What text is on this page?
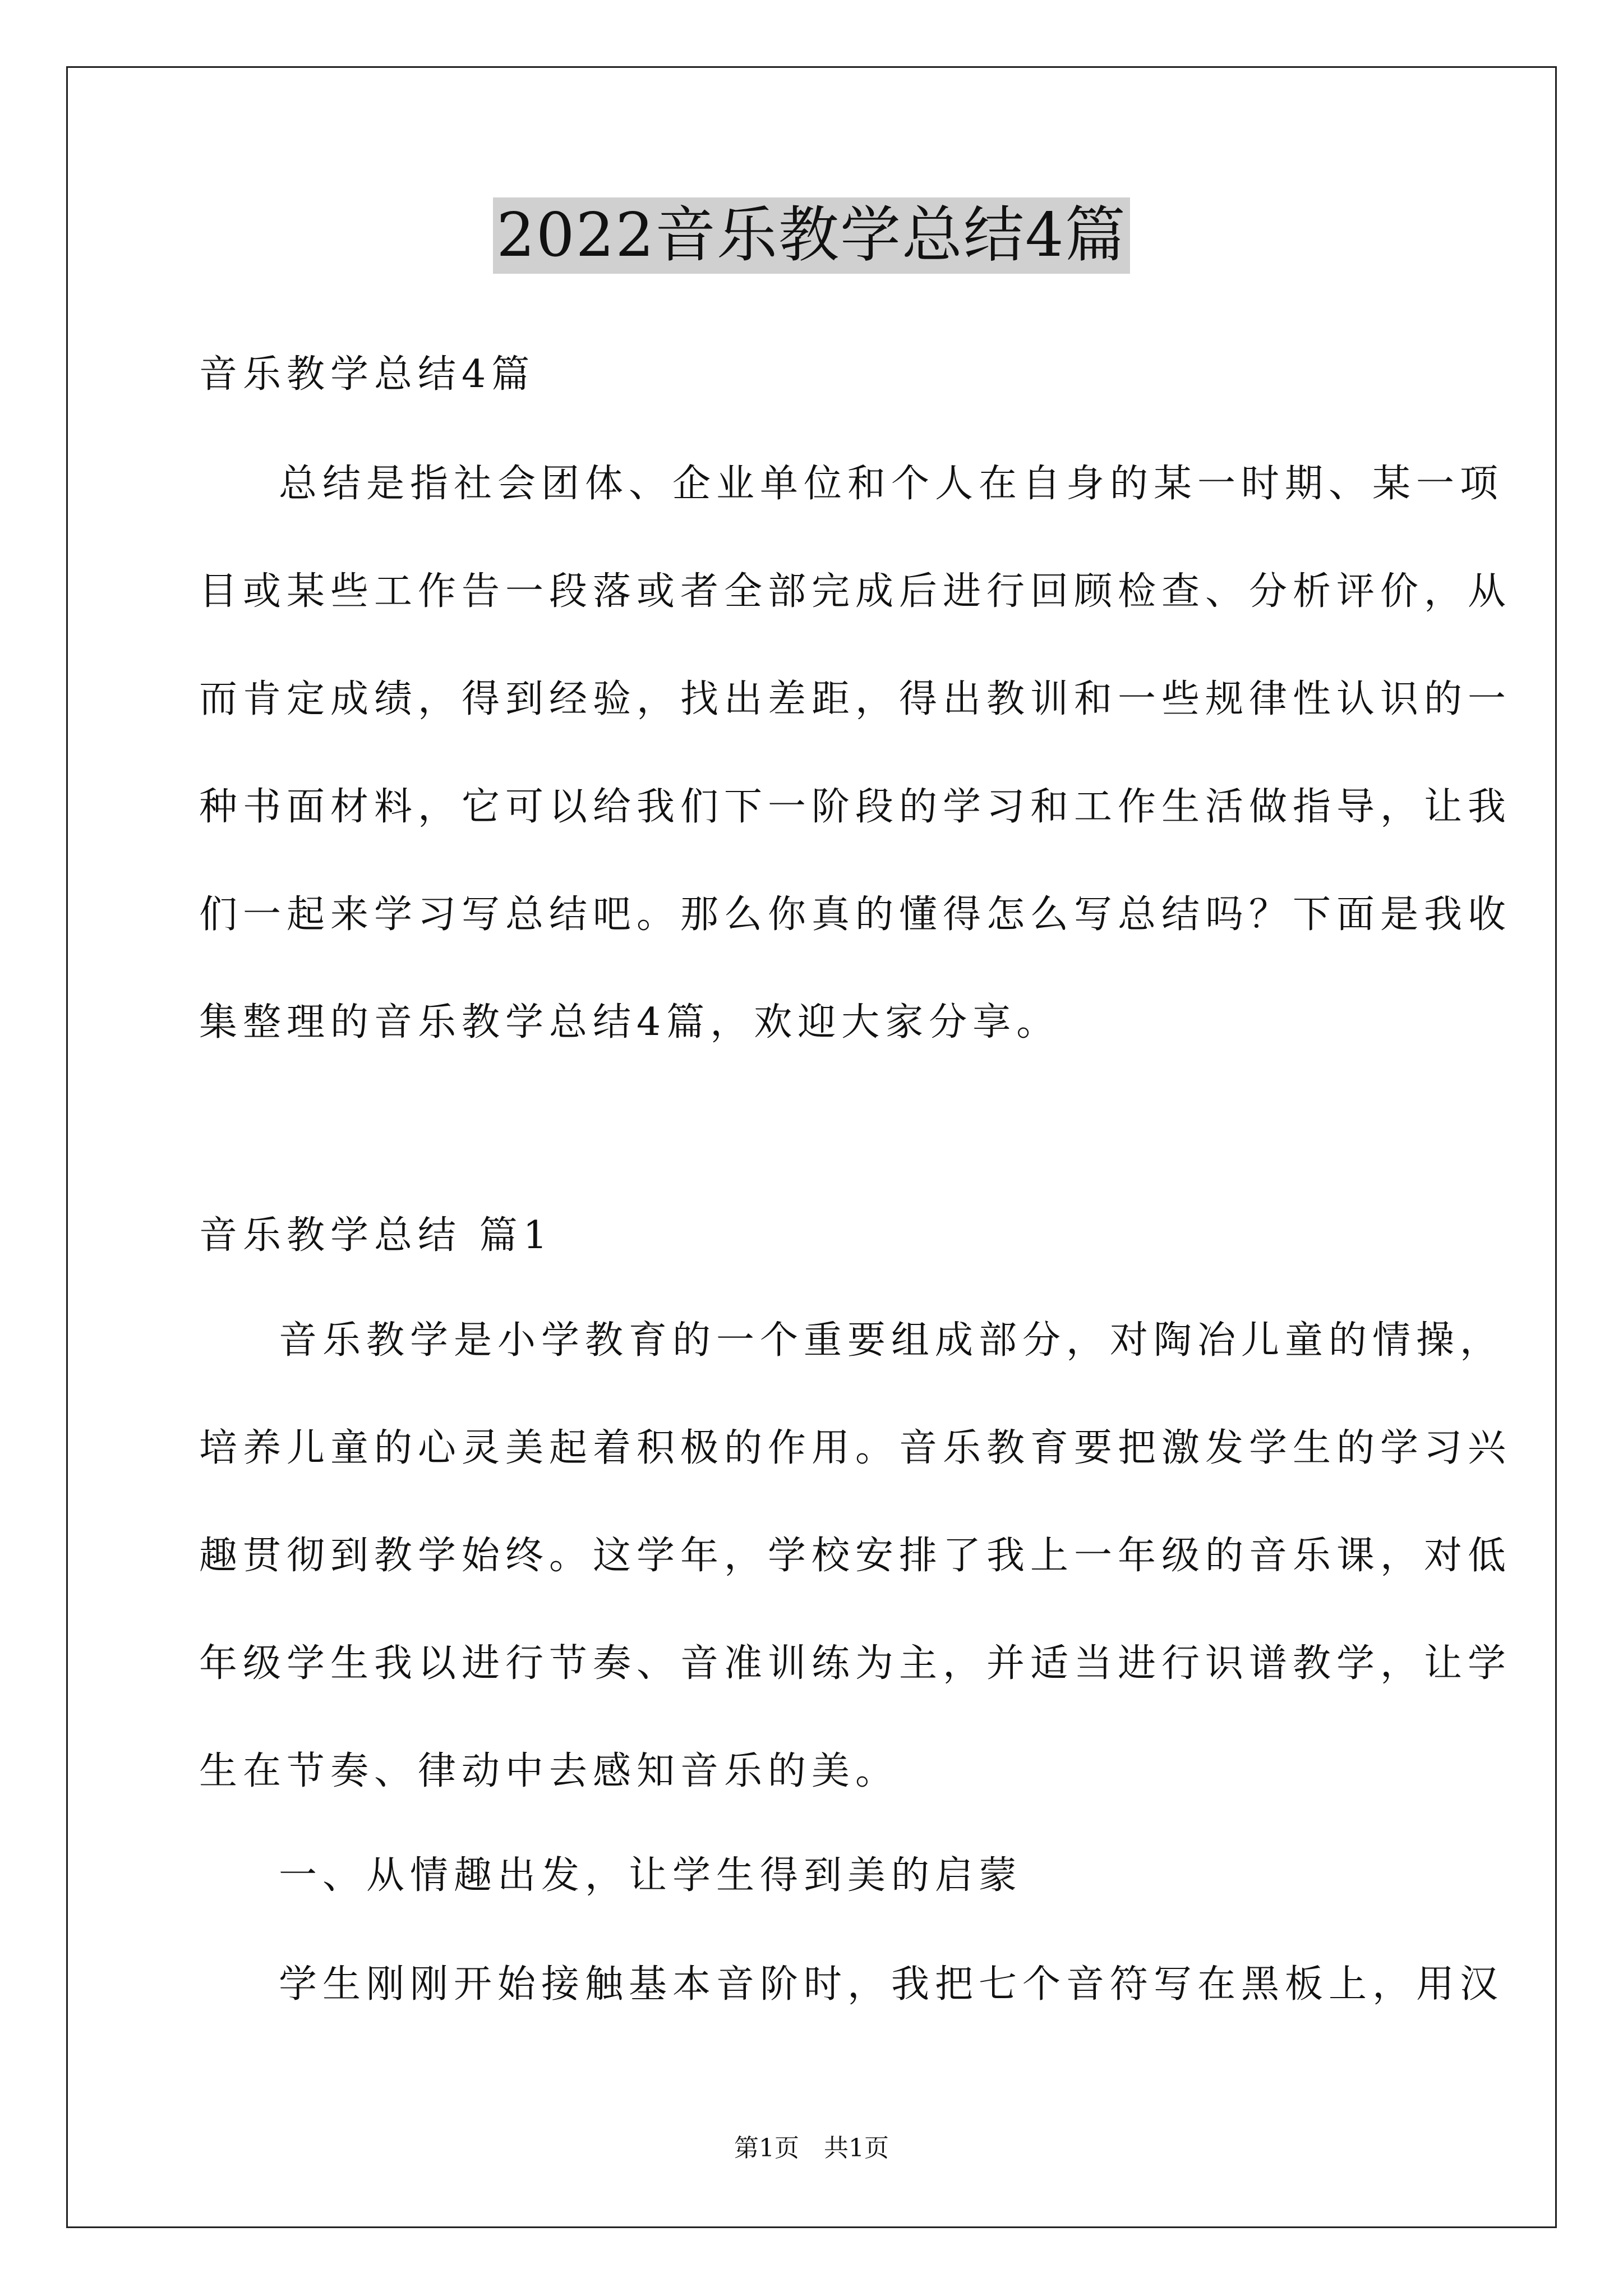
2022音乐教学总结4篇
音乐教学总结4篇
总结是指社会团体、企业单位和个人在自身的某一时期、某一项
目或某些工作告一段落或者全部完成后进行回顾检查、分析评价，从
而肯定成绩，得到经验，找出差距，得出教训和一些规律性认识的一
种书面材料，它可以给我们下一阶段的学习和工作生活做指导，让我
们一起来学习写总结吧。那么你真的懂得怎么写总结吗？下面是我收
集整理的音乐教学总结4篇，欢迎大家分享。
音乐教学总结 篇1
音乐教学是小学教育的一个重要组成部分，对陶冶儿童的情操，
培养儿童的心灵美起着积极的作用。音乐教育要把激发学生的学习兴
趣贯彻到教学始终。这学年，学校安排了我上一年级的音乐课，对低
年级学生我以进行节奏、音准训练为主，并适当进行识谱教学，让学
生在节奏、律动中去感知音乐的美。
一、从情趣出发，让学生得到美的启蒙
学生刚刚开始接触基本音阶时，我把七个音符写在黑板上，用汉
第1页　共1页
